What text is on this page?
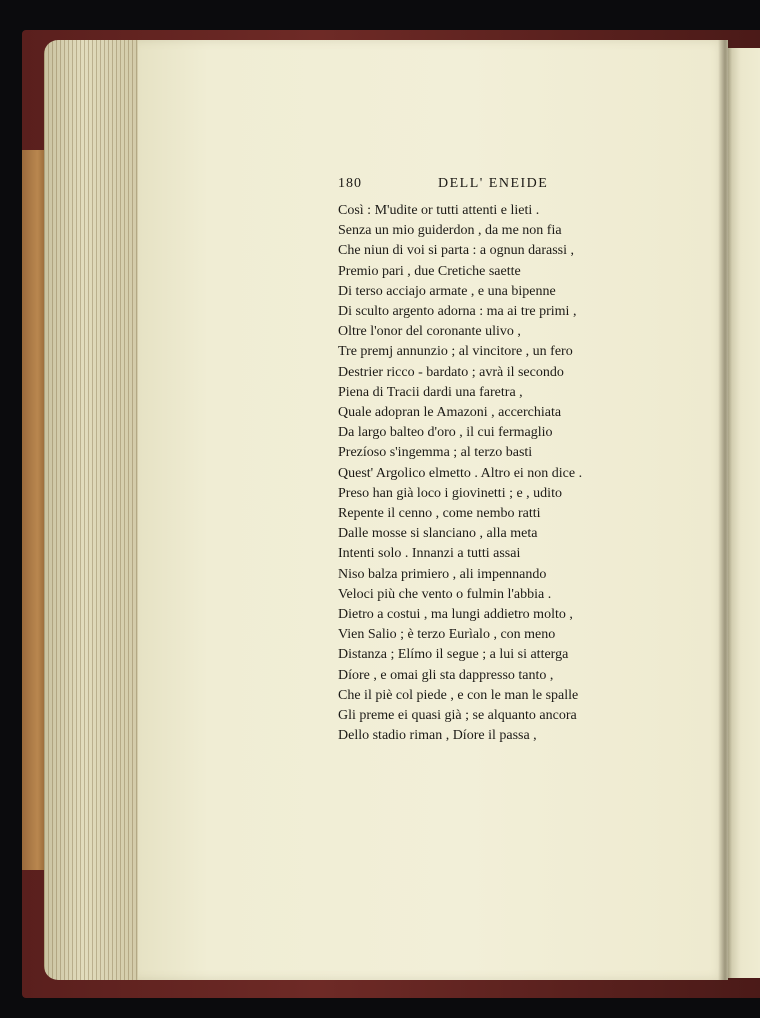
180	DELL' ENEIDE
Così : M'udite or tutti attenti e lieti .
Senza un mio guiderdon , da me non fia
Che niun di voi si parta : a ognun darassi ,
Premio pari , due Cretiche saette
Di terso acciajo armate , e una bipenne
Di sculto argento adorna : ma ai tre primi ,
Oltre l'onor del coronante ulivo ,
Tre premj annunzio ; al vincitore , un fero
Destrier ricco - bardato ; avrà il secondo
Piena di Tracii dardi una faretra ,
Quale adopran le Amazoni , accerchiata
Da largo balteo d'oro , il cui fermaglio
Prezíoso s'ingemma ; al terzo basti
Quest' Argolico elmetto . Altro ei non dice .
Preso han già loco i giovinetti ; e , udito
Repente il cenno , come nembo ratti
Dalle mosse si slanciano , alla meta
Intenti solo . Innanzi a tutti assai
Niso balza primiero , ali impennando
Veloci più che vento o fulmin l'abbia .
Dietro a costui , ma lungi addietro molto ,
Vien Salio ; è terzo Eurìalo , con meno
Distanza ; Elímo il segue ; a lui si atterga
Díore , e omai gli sta dappresso tanto ,
Che il piè col piede , e con le man le spalle
Gli preme ei quasi già ; se alquanto ancora
Dello stadio riman , Díore il passa ,
